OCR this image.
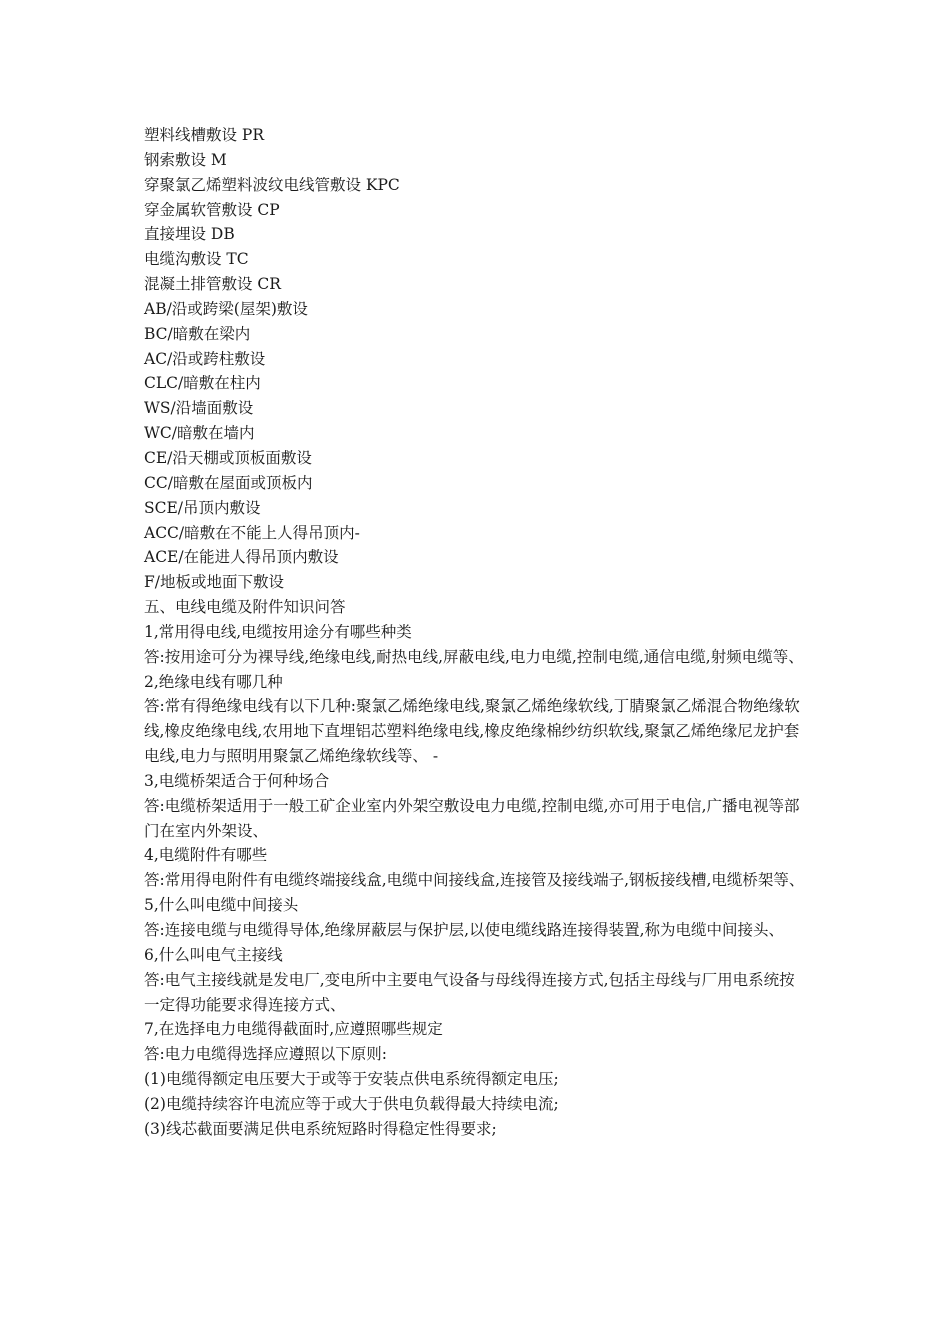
塑料线槽敷设 PR
钢索敷设 M
穿聚氯乙烯塑料波纹电线管敷设 KPC
穿金属软管敷设 CP
直接埋设 DB
电缆沟敷设 TC
混凝土排管敷设 CR
AB/沿或跨梁(屋架)敷设
BC/暗敷在梁内
AC/沿或跨柱敷设
CLC/暗敷在柱内
WS/沿墙面敷设
WC/暗敷在墙内
CE/沿天棚或顶板面敷设
CC/暗敷在屋面或顶板内
SCE/吊顶内敷设
ACC/暗敷在不能上人得吊顶内-
ACE/在能进人得吊顶内敷设
F/地板或地面下敷设
五、电线电缆及附件知识问答
1,常用得电线,电缆按用途分有哪些种类
答:按用途可分为裸导线,绝缘电线,耐热电线,屏蔽电线,电力电缆,控制电缆,通信电缆,射频电缆等、
2,绝缘电线有哪几种
答:常有得绝缘电线有以下几种:聚氯乙烯绝缘电线,聚氯乙烯绝缘软线,丁腈聚氯乙烯混合物绝缘软线,橡皮绝缘电线,农用地下直埋铝芯塑料绝缘电线,橡皮绝缘棉纱纺织软线,聚氯乙烯绝缘尼龙护套电线,电力与照明用聚氯乙烯绝缘软线等、 -
3,电缆桥架适合于何种场合
答:电缆桥架适用于一般工矿企业室内外架空敷设电力电缆,控制电缆,亦可用于电信,广播电视等部门在室内外架设、
4,电缆附件有哪些
答:常用得电附件有电缆终端接线盒,电缆中间接线盒,连接管及接线端子,钢板接线槽,电缆桥架等、
5,什么叫电缆中间接头
答:连接电缆与电缆得导体,绝缘屏蔽层与保护层,以使电缆线路连接得装置,称为电缆中间接头、
6,什么叫电气主接线
答:电气主接线就是发电厂,变电所中主要电气设备与母线得连接方式,包括主母线与厂用电系统按一定得功能要求得连接方式、
7,在选择电力电缆得截面时,应遵照哪些规定
答:电力电缆得选择应遵照以下原则:
(1)电缆得额定电压要大于或等于安装点供电系统得额定电压;
(2)电缆持续容许电流应等于或大于供电负载得最大持续电流;
(3)线芯截面要满足供电系统短路时得稳定性得要求;
